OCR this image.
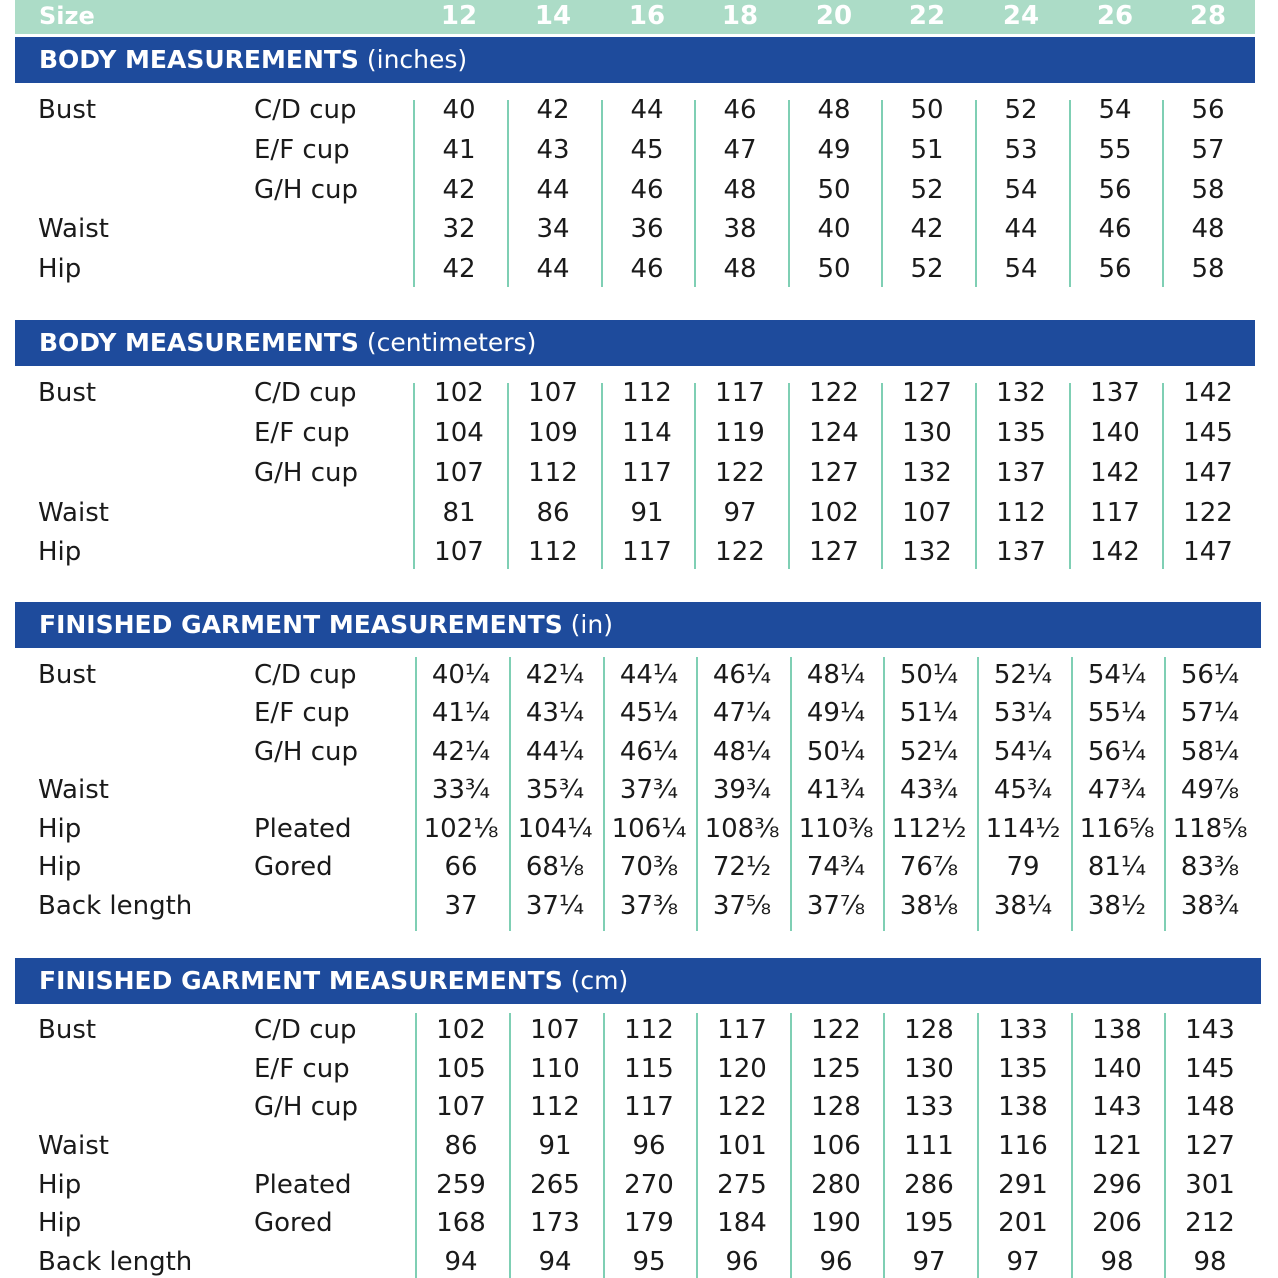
Size	12	14	16	18	20	22	24	26	28
BODY MEASUREMENTS (inches)
Bust	C/D cup	40	42	44	46	48	50	52	54	56
E/F cup	41	43	45	47	49	51	53	55	57
G/H cup	42	44	46	48	50	52	54	56	58
Waist	32	34	36	38	40	42	44	46	48
Hip	42	44	46	48	50	52	54	56	58
BODY MEASUREMENTS (centimeters)
Bust	C/D cup	102	107	112	117	122	127	132	137	142
E/F cup	104	109	114	119	124	130	135	140	145
G/H cup	107	112	117	122	127	132	137	142	147
Waist	81	86	91	97	102	107	112	117	122
Hip	107	112	117	122	127	132	137	142	147
FINISHED GARMENT MEASUREMENTS (in)
Bust	C/D cup	40¼	42¼	44¼	46¼	48¼	50¼	52¼	54¼	56¼
E/F cup	41¼	43¼	45¼	47¼	49¼	51¼	53¼	55¼	57¼
G/H cup	42¼	44¼	46¼	48¼	50¼	52¼	54¼	56¼	58¼
Waist	33¾	35¾	37¾	39¾	41¾	43¾	45¾	47¾	49⅞
Hip	Pleated	102⅛ 104¼ 106¼ 108⅜ 110⅜ 112½ 114½ 116⅝ 118⅝
Hip	Gored	66	68⅛	70⅜	72½	74¾	76⅞	79	81¼	83⅜
Back length	37	37¼	37⅜	37⅝	37⅞	38⅛	38¼	38½	38¾
FINISHED GARMENT MEASUREMENTS (cm)
Bust	C/D cup	102	107	112	117	122	128	133	138	143
E/F cup	105	110	115	120	125	130	135	140	145
G/H cup	107	112	117	122	128	133	138	143	148
Waist	86	91	96	101	106	111	116	121	127
Hip	Pleated	259	265	270	275	280	286	291	296	301
Hip	Gored	168	173	179	184	190	195	201	206	212
Back length	94	94	95	96	96	97	97	98	98
